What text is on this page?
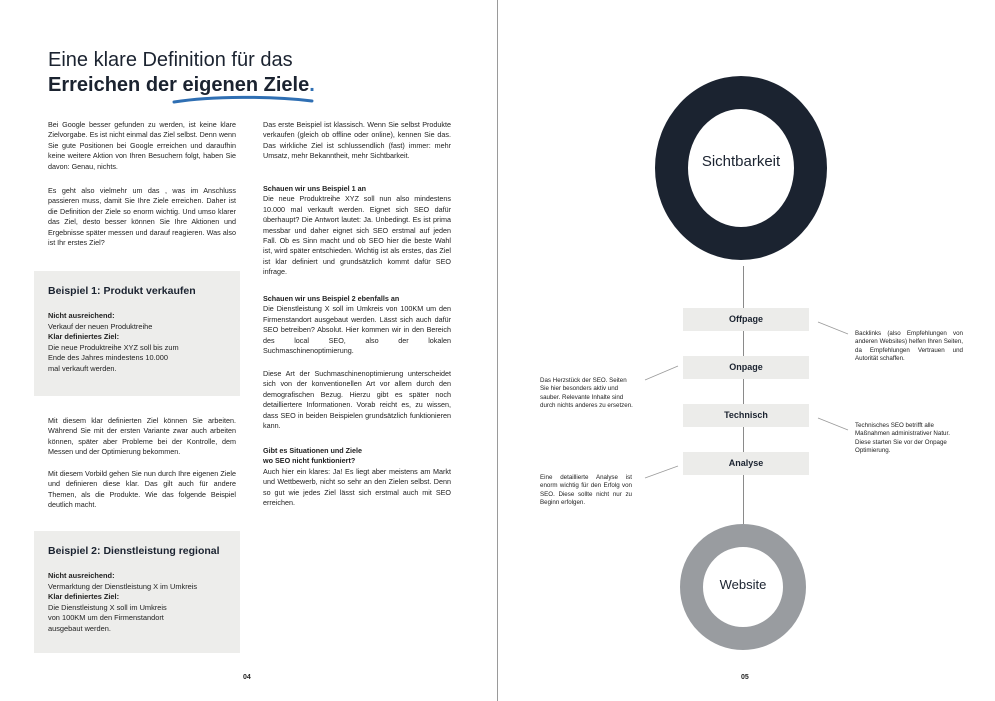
Eine klare Definition für das
Erreichen der eigenen Ziele.

Bei Google besser gefunden zu werden, ist keine klare Zielvorgabe. Es ist nicht einmal das Ziel selbst. Denn wenn Sie gute Positionen bei Google erreichen und daraufhin keine weitere Aktion von Ihren Besuchern folgt, haben Sie davon: Genau, nichts.

Es geht also vielmehr um das , was im Anschluss passieren muss, damit Sie Ihre Ziele erreichen. Daher ist die Definition der Ziele so enorm wichtig. Und umso klarer das Ziel, desto besser können Sie Ihre Aktionen und Ergebnisse später messen und darauf reagieren. Was also ist Ihr erstes Ziel?

Beispiel 1: Produkt verkaufen
Nicht ausreichend:
Verkauf der neuen Produktreihe
Klar definiertes Ziel:
Die neue Produktreihe XYZ soll bis zum
Ende des Jahres mindestens 10.000
mal verkauft werden.

Mit diesem klar definierten Ziel können Sie arbeiten. Während Sie mit der ersten Variante zwar auch arbeiten können, später aber Probleme bei der Kontrolle, dem Messen und der Optimierung bekommen.

Mit diesem Vorbild gehen Sie nun durch Ihre eigenen Ziele und definieren diese klar. Das gilt auch für andere Themen, als die Produkte. Wie das folgende Beispiel deutlich macht.

Beispiel 2: Dienstleistung regional
Nicht ausreichend:
Vermarktung der Dienstleistung X im Umkreis
Klar definiertes Ziel:
Die Dienstleistung X soll im Umkreis
von 100KM um den Firmenstandort
ausgebaut werden.

Das erste Beispiel ist klassisch. Wenn Sie selbst Produkte verkaufen (gleich ob offline oder online), kennen Sie das. Das wirkliche Ziel ist schlussendlich (fast) immer: mehr Umsatz, mehr Bekanntheit, mehr Sichtbarkeit.

Schauen wir uns Beispiel 1 an
Die neue Produktreihe XYZ soll nun also mindestens 10.000 mal verkauft werden. Eignet sich SEO dafür überhaupt? Die Antwort lautet: Ja. Unbedingt. Es ist prima messbar und daher eignet sich SEO erstmal auf jeden Fall. Ob es Sinn macht und ob SEO hier die beste Wahl ist, wird später entschieden. Wichtig ist als erstes, das Ziel ist klar definiert und grundsätzlich kommt dafür SEO infrage.
Schauen wir uns Beispiel 2 ebenfalls an
Die Dienstleistung X soll im Umkreis von 100KM um den Firmenstandort ausgebaut werden. Lässt sich auch dafür SEO betreiben? Absolut. Hier kommen wir in den Bereich des local SEO, also der lokalen Suchmaschinenoptimierung.

Diese Art der Suchmaschinenoptimierung unterscheidet sich von der konventionellen Art vor allem durch den demografischen Bezug. Hierzu gibt es später noch detailliertere Informationen. Vorab reicht es, zu wissen, dass SEO in beiden Beispielen grundsätzlich funktionieren kann.

Gibt es Situationen und Ziele
wo SEO nicht funktioniert?
Auch hier ein klares: Ja! Es liegt aber meistens am Markt und Wettbewerb, nicht so sehr an den Zielen selbst. Denn so gut wie jedes Ziel lässt sich erstmal auch mit SEO erreichen.
04
Sichtbarkeit
Offpage
Onpage
Technisch
Analyse
Website

Backlinks (also Empfehlungen von anderen Websites) helfen Ihren Seiten, da Empfehlungen Vertrauen und Autorität schaffen.

Das Herzstück der SEO. Seiten Sie hier besonders aktiv und sauber. Relevante Inhalte sind durch nichts anderes zu ersetzen.

Technisches SEO betrifft alle Maßnahmen administrativer Natur. Diese starten Sie vor der Onpage Optimierung.

Eine detaillierte Analyse ist enorm wichtig für den Erfolg von SEO. Diese sollte nicht nur zu Beginn erfolgen.

05
